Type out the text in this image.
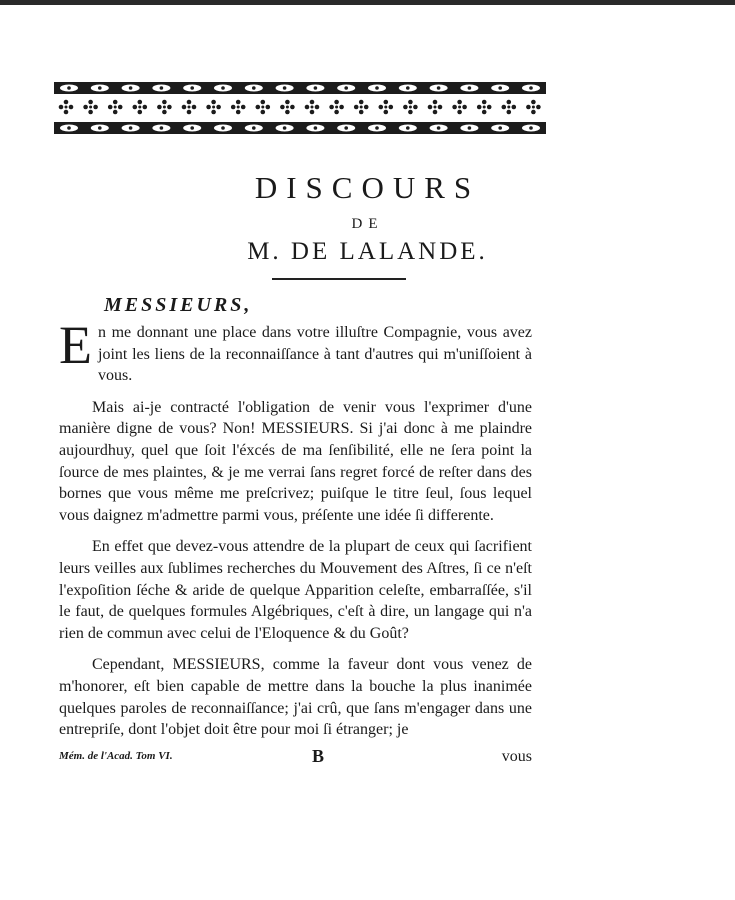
DISCOURS
DE
M. DE LALANDE.
MESSIEURS,

En me donnant une place dans votre illuſtre Compagnie, vous avez joint les liens de la reconnaiſſance à tant d'autres qui m'uniſſoient à vous.

Mais ai-je contracté l'obligation de venir vous l'exprimer d'une manière digne de vous? Non! MESSIEURS. Si j'ai donc à me plaindre aujourdhuy, quel que ſoit l'éxcés de ma ſenſibilité, elle ne ſera point la ſource de mes plaintes, & je me verrai ſans regret forcé de reſter dans des bornes que vous même me preſcrivez; puiſque le titre ſeul, ſous lequel vous daignez m'admettre parmi vous, préſente une idée ſi differente.

En effet que devez-vous attendre de la plupart de ceux qui ſacrifient leurs veilles aux ſublimes recherches du Mouvement des Aſtres, ſi ce n'eſt l'expoſition ſéche & aride de quelque Apparition celeſte, embarraſſée, s'il le faut, de quelques formules Algébriques, c'eſt à dire, un langage qui n'a rien de commun avec celui de l'Eloquence & du Goût?

Cependant, MESSIEURS, comme la faveur dont vous venez de m'honorer, eſt bien capable de mettre dans la bouche la plus inanimée quelques paroles de reconnaiſſance; j'ai crû, que ſans m'engager dans une entrepriſe, dont l'objet doit être pour moi ſi étranger; je

Mém. de l'Acad. Tom VI.	B	vous
